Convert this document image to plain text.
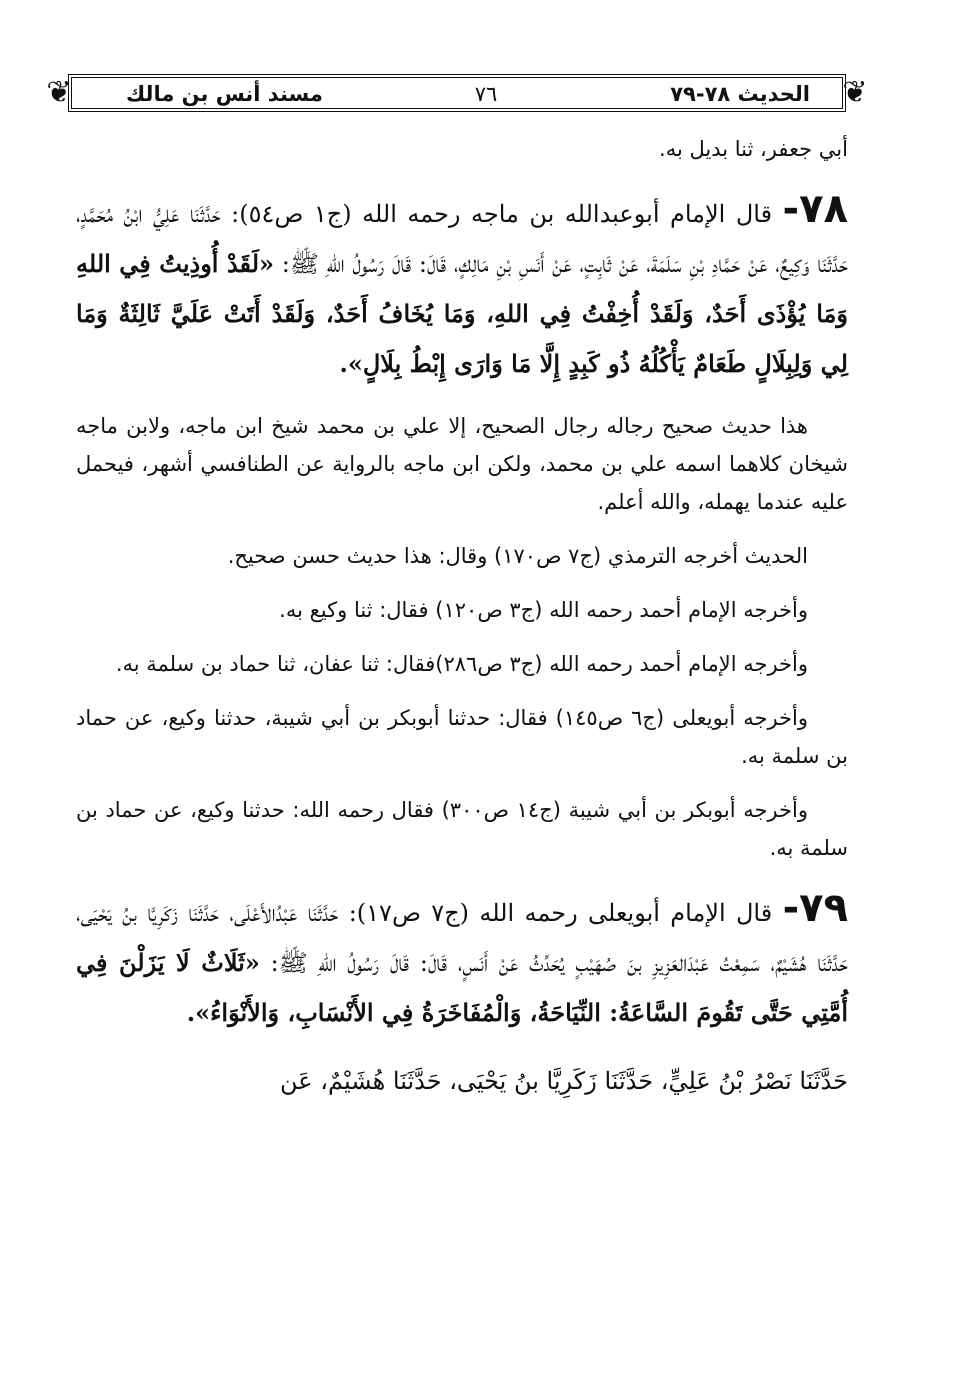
❦	مسند أنس بن مالك	٧٦	الحديث ٧٨-٧٩ ❦

أبي جعفر، ثنا بديل به.

٧٨- قال الإمام أبوعبدالله بن ماجه رحمه الله (ج١ ص٥٤): حَدَّثَنَا عَلِيُّ ابْنُ مُحَمَّدٍ، حَدَّثَنَا وَكِيعٌ، عَنْ حَمَّادِ بْنِ سَلَمَةَ، عَنْ ثَابِتٍ، عَنْ أَنَسِ بْنِ مَالِكٍ، قَالَ: قَالَ رَسُولُ اللهِ ﷺ: «لَقَدْ أُوذِيتُ فِي اللهِ وَمَا يُؤْذَى أَحَدٌ، وَلَقَدْ أُخِفْتُ فِي اللهِ، وَمَا يُخَافُ أَحَدٌ، وَلَقَدْ أَتَتْ عَلَيَّ ثَالِثَةٌ وَمَا لِي وَلِبِلَالٍ طَعَامٌ يَأْكُلُهُ ذُو كَبِدٍ إِلَّا مَا وَارَى إِبْطُ بِلَالٍ».

هذا حديث صحيح رجاله رجال الصحيح، إلا علي بن محمد شيخ ابن ماجه، ولابن ماجه شيخان كلاهما اسمه علي بن محمد، ولكن ابن ماجه بالرواية عن الطنافسي أشهر، فيحمل عليه عندما يهمله، والله أعلم.

الحديث أخرجه الترمذي (ج٧ ص١٧٠) وقال: هذا حديث حسن صحيح.

وأخرجه الإمام أحمد رحمه الله (ج٣ ص١٢٠) فقال: ثنا وكيع به.

وأخرجه الإمام أحمد رحمه الله (ج٣ ص٢٨٦)فقال: ثنا عفان، ثنا حماد بن سلمة به.

وأخرجه أبويعلى (ج٦ ص١٤٥) فقال: حدثنا أبوبكر بن أبي شيبة، حدثنا وكيع، عن حماد بن سلمة به.

وأخرجه أبوبكر بن أبي شيبة (ج١٤ ص٣٠٠) فقال رحمه الله: حدثنا وكيع، عن حماد بن سلمة به.

٧٩- قال الإمام أبويعلى رحمه الله (ج٧ ص١٧): حَدَّثَنَا عَبْدُالأَعْلَى، حَدَّثَنَا زَكَرِيَّا بنُ يَحْيَى، حَدَّثَنَا هُشَيْمٌ، سَمِعْتُ عَبْدَالعَزِيزِ بنَ صُهَيْبٍ يُحَدِّثُ عَنْ أَنَسٍ، قَالَ: قَالَ رَسُولُ اللهِ ﷺ: «ثَلَاثٌ لَا يَزَلْنَ فِي أُمَّتِي حَتَّى تَقُومَ السَّاعَةُ: النِّيَاحَةُ، وَالْمُفَاخَرَةُ فِي الأَنْسَابِ، وَالأَنْوَاءُ».

حَدَّثَنَا نَصْرُ بْنُ عَلِيٍّ، حَدَّثَنَا زَكَرِيَّا بنُ يَحْيَى، حَدَّثَنَا هُشَيْمٌ، عَن
